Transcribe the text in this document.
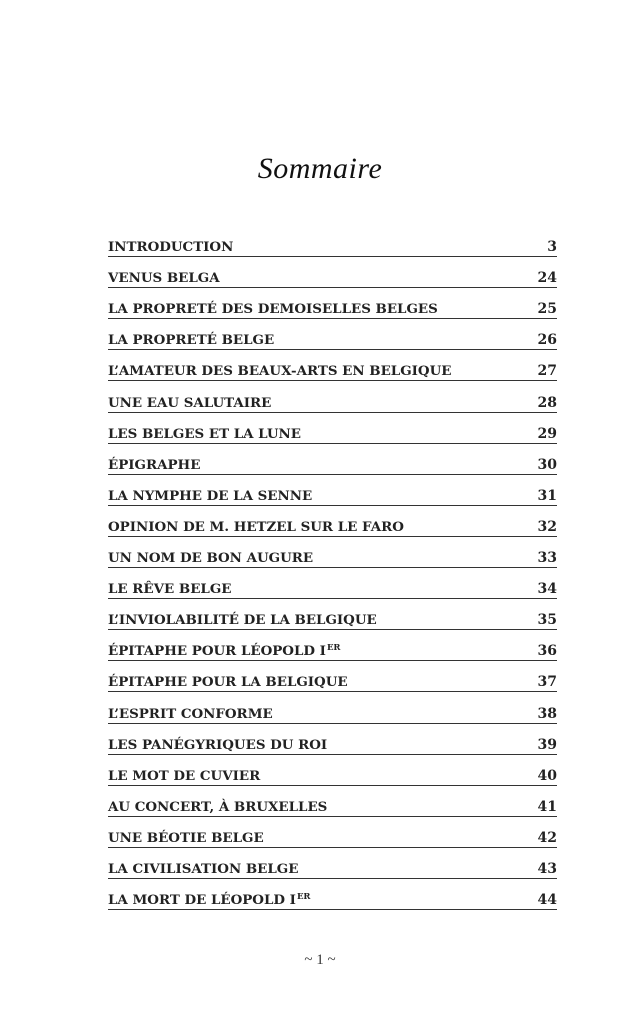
Sommaire
INTRODUCTION	3
VENUS BELGA	24
LA PROPRETÉ DES DEMOISELLES BELGES	25
LA PROPRETÉ BELGE	26
L’AMATEUR DES BEAUX-ARTS EN BELGIQUE	27
UNE EAU SALUTAIRE	28
LES BELGES ET LA LUNE	29
ÉPIGRAPHE	30
LA NYMPHE DE LA SENNE	31
OPINION DE M. HETZEL SUR LE FARO	32
UN NOM DE BON AUGURE	33
LE RÊVE BELGE	34
L’INVIOLABILITÉ DE LA BELGIQUE	35
ÉPITAPHE POUR LÉOPOLD IER	36
ÉPITAPHE POUR LA BELGIQUE	37
L’ESPRIT CONFORME	38
LES PANÉGYRIQUES DU ROI	39
LE MOT DE CUVIER	40
AU CONCERT, À BRUXELLES	41
UNE BÉOTIE BELGE	42
LA CIVILISATION BELGE	43
LA MORT DE LÉOPOLD IER	44
~ 1 ~
